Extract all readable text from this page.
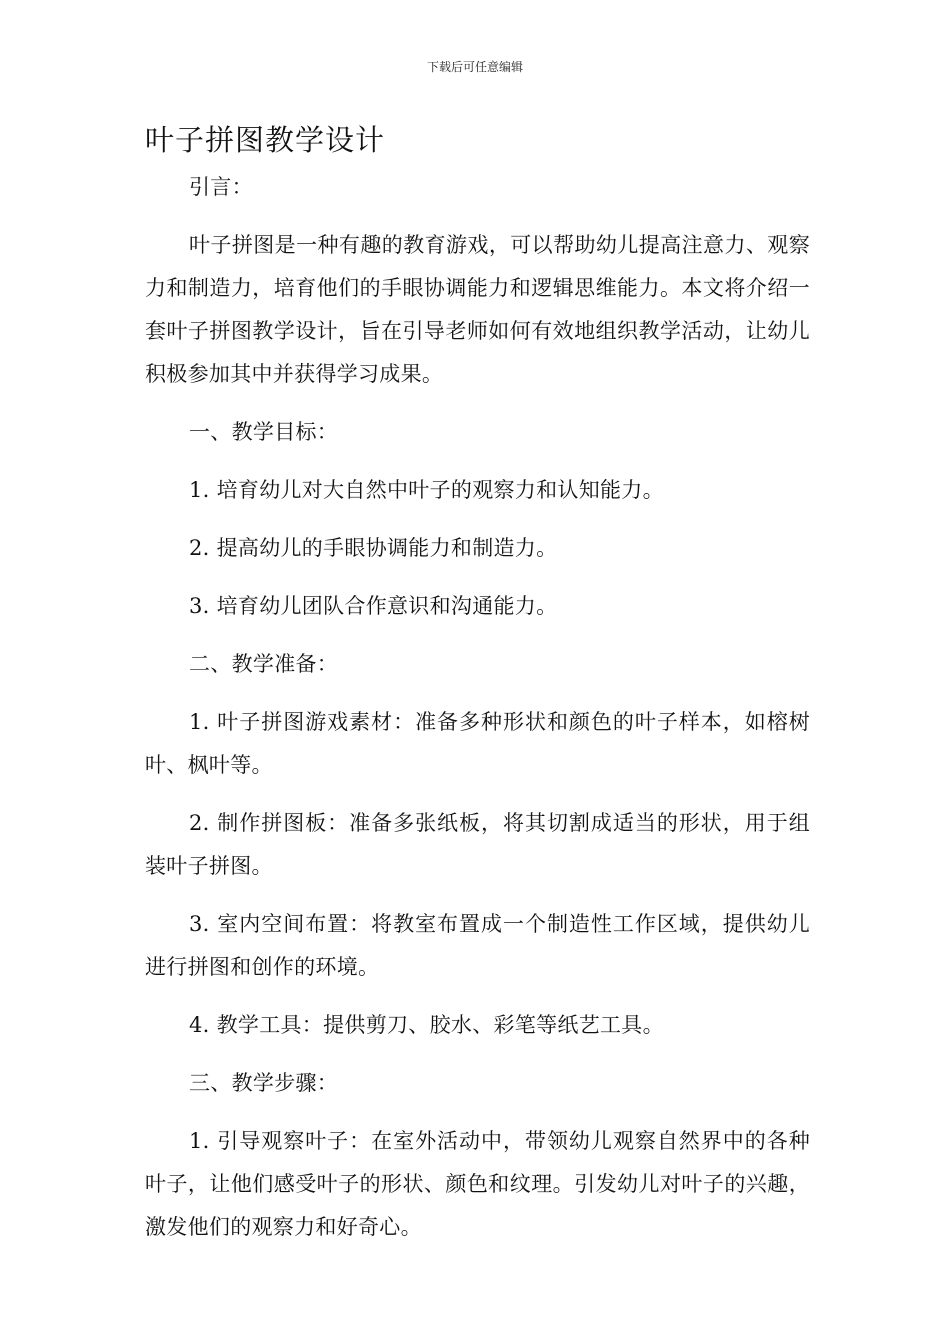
下载后可任意编辑
叶子拼图教学设计

引言：

叶子拼图是一种有趣的教育游戏，可以帮助幼儿提高注意力、观察力和制造力，培育他们的手眼协调能力和逻辑思维能力。本文将介绍一套叶子拼图教学设计，旨在引导老师如何有效地组织教学活动，让幼儿积极参加其中并获得学习成果。

一、教学目标：

1. 培育幼儿对大自然中叶子的观察力和认知能力。

2. 提高幼儿的手眼协调能力和制造力。

3. 培育幼儿团队合作意识和沟通能力。

二、教学准备：

1. 叶子拼图游戏素材：准备多种形状和颜色的叶子样本，如榕树叶、枫叶等。

2. 制作拼图板：准备多张纸板，将其切割成适当的形状，用于组装叶子拼图。

3. 室内空间布置：将教室布置成一个制造性工作区域，提供幼儿进行拼图和创作的环境。

4. 教学工具：提供剪刀、胶水、彩笔等纸艺工具。

三、教学步骤：

1. 引导观察叶子：在室外活动中，带领幼儿观察自然界中的各种叶子，让他们感受叶子的形状、颜色和纹理。引发幼儿对叶子的兴趣，激发他们的观察力和好奇心。
